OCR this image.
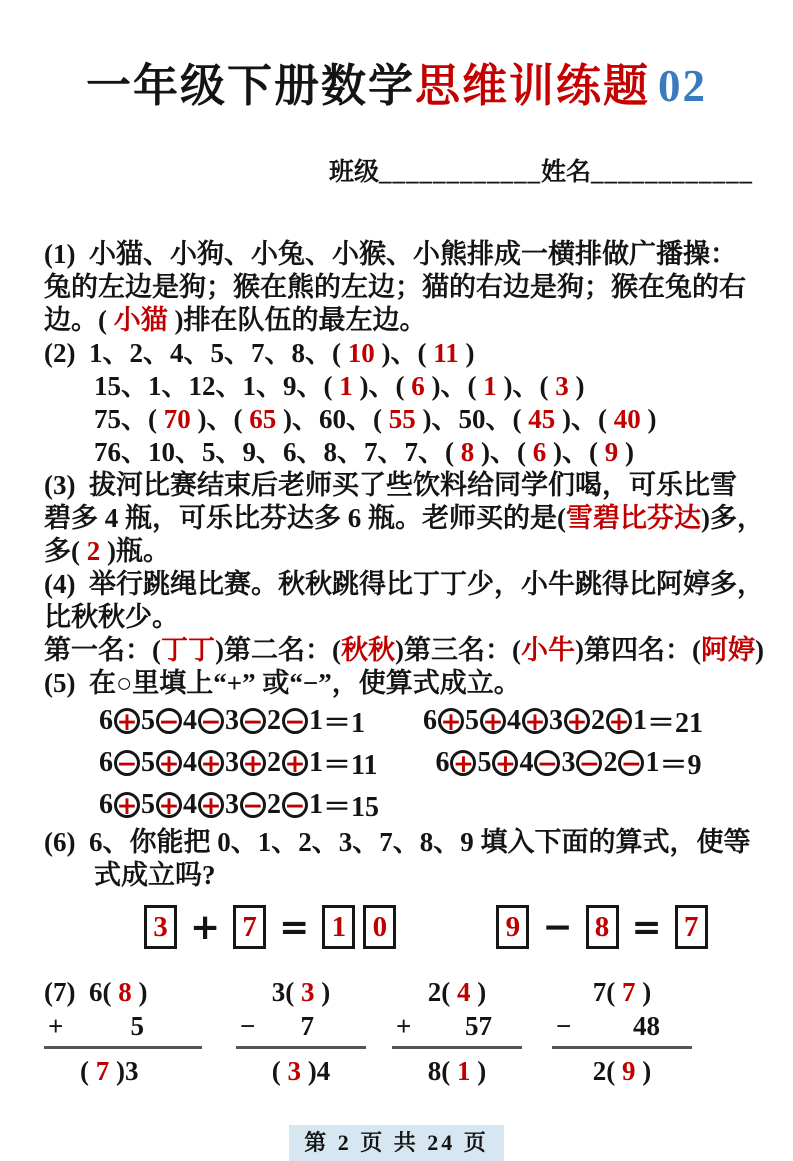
一年级下册数学思维训练题 02

班级____________姓名____________

(1)  小猫、小狗、小兔、小猴、小熊排成一横排做广播操：

兔的左边是狗；猴在熊的左边；猫的右边是狗；猴在兔的右

边。( 小猫 )排在队伍的最左边。

(2)  1、2、4、5、7、8、( 10 )、( 11 )

15、1、12、1、9、( 1 )、( 6 )、( 1 )、( 3 )

75、( 70 )、( 65 )、60、( 55 )、50、( 45 )、( 40 )

76、10、5、9、6、8、7、7、( 8 )、( 6 )、( 9 )

(3)  拔河比赛结束后老师买了些饮料给同学们喝，可乐比雪

碧多 4 瓶，可乐比芬达多 6 瓶。老师买的是(雪碧比芬达)多，

多( 2 )瓶。

(4)  举行跳绳比赛。秋秋跳得比丁丁少，小牛跳得比阿婷多，

比秋秋少。

第一名：(丁丁)第二名：(秋秋)第三名：(小牛)第四名：(阿婷)

(5)  在○里填上“+” 或“−”，使算式成立。

6 + 5 − 4 − 3 − 2 − 1 ＝1 6 + 5 + 4 + 3 + 2 + 1 ＝21
6 − 5 + 4 + 3 + 2 + 1 ＝11 6 + 5 + 4 − 3 − 2 − 1 ＝9
6 + 5 + 4 + 3 − 2 − 1 ＝15

(6)  6、你能把 0、1、2、3、7、8、9 填入下面的算式，使等

式成立吗?

3 + 7 = 1 0	9 − 8 = 7
(7)  6( 8 )
+ 5
( 7 )3
3( 3 )
− 7
( 3 )4
2( 4 )
+ 57
8( 1 )
7( 7 )
− 48
2( 9 )
第 2 页 共 24 页
